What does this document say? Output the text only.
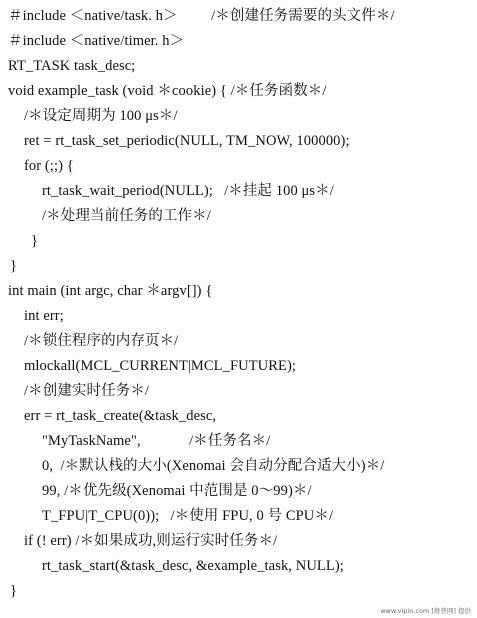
＃include ＜native/task. h＞         /＊创建任务需要的头文件＊/
＃include ＜native/timer. h＞
RT_TASK task_desc;
void example_task (void ＊cookie) { /＊任务函数＊/
/＊设定周期为 100 μs＊/
ret = rt_task_set_periodic(NULL, TM_NOW, 100000);
for (;;) {
rt_task_wait_period(NULL);   /＊挂起 100 μs＊/
/＊处理当前任务的工作＊/
}
}
int main (int argc, char ＊argv[]) {
int err;
/＊锁住程序的内存页＊/
mlockall(MCL_CURRENT|MCL_FUTURE);
/＊创建实时任务＊/
err = rt_task_create(&task_desc,
"MyTaskName",             /＊任务名＊/
0,  /＊默认栈的大小(Xenomai 会自动分配合适大小)＊/
99, /＊优先级(Xenomai 中范围是 0～99)＊/
T_FPU|T_CPU(0));   /＊使用 FPU, 0 号 CPU＊/
if (! err) /＊如果成功,则运行实时任务＊/
rt_task_start(&task_desc, &example_task, NULL);
}
www.vipin.com [维普网] 提供
